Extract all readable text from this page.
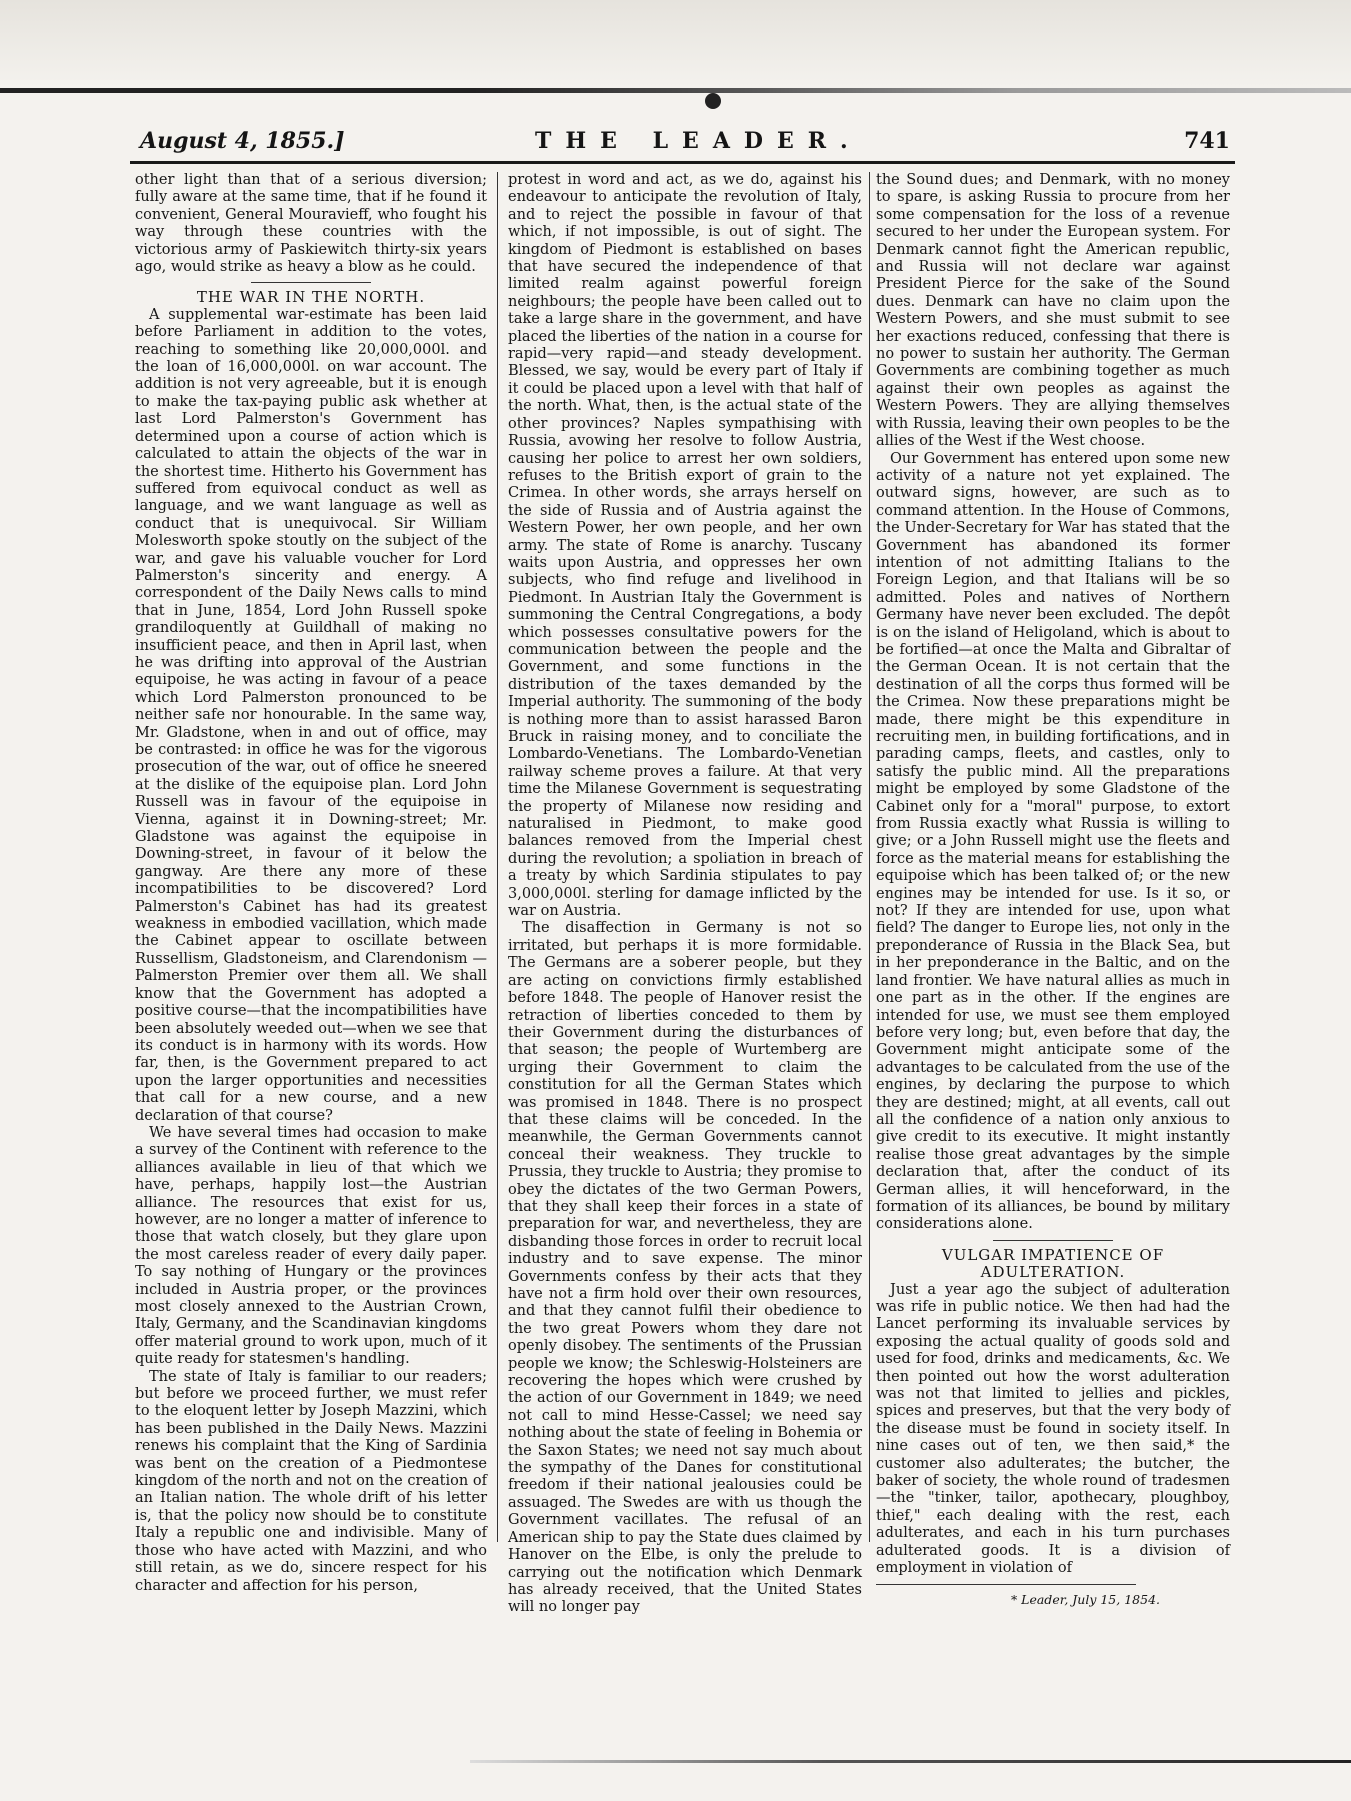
August 4, 1855.]	THE LEADER.	741

other light than that of a serious diversion; fully aware at the same time, that if he found it convenient, General Mouravieff, who fought his way through these countries with the victorious army of Paskiewitch thirty-six years ago, would strike as heavy a blow as he could.

THE WAR IN THE NORTH.

A supplemental war-estimate has been laid before Parliament in addition to the votes, reaching to something like 20,000,000l. and the loan of 16,000,000l. on war account. The addition is not very agreeable, but it is enough to make the tax-paying public ask whether at last Lord Palmerston's Government has determined upon a course of action which is calculated to attain the objects of the war in the shortest time. Hitherto his Government has suffered from equivocal conduct as well as language, and we want language as well as conduct that is unequivocal. Sir William Molesworth spoke stoutly on the subject of the war, and gave his valuable voucher for Lord Palmerston's sincerity and energy. A correspondent of the Daily News calls to mind that in June, 1854, Lord John Russell spoke grandiloquently at Guildhall of making no insufficient peace, and then in April last, when he was drifting into approval of the Austrian equipoise, he was acting in favour of a peace which Lord Palmerston pronounced to be neither safe nor honourable. In the same way, Mr. Gladstone, when in and out of office, may be contrasted: in office he was for the vigorous prosecution of the war, out of office he sneered at the dislike of the equipoise plan. Lord John Russell was in favour of the equipoise in Vienna, against it in Downing-street; Mr. Gladstone was against the equipoise in Downing-street, in favour of it below the gangway. Are there any more of these incompatibilities to be discovered? Lord Palmerston's Cabinet has had its greatest weakness in embodied vacillation, which made the Cabinet appear to oscillate between Russellism, Gladstoneism, and Clarendonism — Palmerston Premier over them all. We shall know that the Government has adopted a positive course—that the incompatibilities have been absolutely weeded out—when we see that its conduct is in harmony with its words. How far, then, is the Government prepared to act upon the larger opportunities and necessities that call for a new course, and a new declaration of that course?

We have several times had occasion to make a survey of the Continent with reference to the alliances available in lieu of that which we have, perhaps, happily lost—the Austrian alliance. The resources that exist for us, however, are no longer a matter of inference to those that watch closely, but they glare upon the most careless reader of every daily paper. To say nothing of Hungary or the provinces included in Austria proper, or the provinces most closely annexed to the Austrian Crown, Italy, Germany, and the Scandinavian kingdoms offer material ground to work upon, much of it quite ready for statesmen's handling.

The state of Italy is familiar to our readers; but before we proceed further, we must refer to the eloquent letter by Joseph Mazzini, which has been published in the Daily News. Mazzini renews his complaint that the King of Sardinia was bent on the creation of a Piedmontese kingdom of the north and not on the creation of an Italian nation. The whole drift of his letter is, that the policy now should be to constitute Italy a republic one and indivisible. Many of those who have acted with Mazzini, and who still retain, as we do, sincere respect for his character and affection for his person,

protest in word and act, as we do, against his endeavour to anticipate the revolution of Italy, and to reject the possible in favour of that which, if not impossible, is out of sight. The kingdom of Piedmont is established on bases that have secured the independence of that limited realm against powerful foreign neighbours; the people have been called out to take a large share in the government, and have placed the liberties of the nation in a course for rapid—very rapid—and steady development. Blessed, we say, would be every part of Italy if it could be placed upon a level with that half of the north. What, then, is the actual state of the other provinces? Naples sympathising with Russia, avowing her resolve to follow Austria, causing her police to arrest her own soldiers, refuses to the British export of grain to the Crimea. In other words, she arrays herself on the side of Russia and of Austria against the Western Power, her own people, and her own army. The state of Rome is anarchy. Tuscany waits upon Austria, and oppresses her own subjects, who find refuge and livelihood in Piedmont. In Austrian Italy the Government is summoning the Central Congregations, a body which possesses consultative powers for the communication between the people and the Government, and some functions in the distribution of the taxes demanded by the Imperial authority. The summoning of the body is nothing more than to assist harassed Baron Bruck in raising money, and to conciliate the Lombardo-Venetians. The Lombardo-Venetian railway scheme proves a failure. At that very time the Milanese Government is sequestrating the property of Milanese now residing and naturalised in Piedmont, to make good balances removed from the Imperial chest during the revolution; a spoliation in breach of a treaty by which Sardinia stipulates to pay 3,000,000l. sterling for damage inflicted by the war on Austria.

The disaffection in Germany is not so irritated, but perhaps it is more formidable. The Germans are a soberer people, but they are acting on convictions firmly established before 1848. The people of Hanover resist the retraction of liberties conceded to them by their Government during the disturbances of that season; the people of Wurtemberg are urging their Government to claim the constitution for all the German States which was promised in 1848. There is no prospect that these claims will be conceded. In the meanwhile, the German Governments cannot conceal their weakness. They truckle to Prussia, they truckle to Austria; they promise to obey the dictates of the two German Powers, that they shall keep their forces in a state of preparation for war, and nevertheless, they are disbanding those forces in order to recruit local industry and to save expense. The minor Governments confess by their acts that they have not a firm hold over their own resources, and that they cannot fulfil their obedience to the two great Powers whom they dare not openly disobey. The sentiments of the Prussian people we know; the Schleswig-Holsteiners are recovering the hopes which were crushed by the action of our Government in 1849; we need not call to mind Hesse-Cassel; we need say nothing about the state of feeling in Bohemia or the Saxon States; we need not say much about the sympathy of the Danes for constitutional freedom if their national jealousies could be assuaged. The Swedes are with us though the Government vacillates. The refusal of an American ship to pay the State dues claimed by Hanover on the Elbe, is only the prelude to carrying out the notification which Denmark has already received, that the United States will no longer pay

the Sound dues; and Denmark, with no money to spare, is asking Russia to procure from her some compensation for the loss of a revenue secured to her under the European system. For Denmark cannot fight the American republic, and Russia will not declare war against President Pierce for the sake of the Sound dues. Denmark can have no claim upon the Western Powers, and she must submit to see her exactions reduced, confessing that there is no power to sustain her authority. The German Governments are combining together as much against their own peoples as against the Western Powers. They are allying themselves with Russia, leaving their own peoples to be the allies of the West if the West choose.

Our Government has entered upon some new activity of a nature not yet explained. The outward signs, however, are such as to command attention. In the House of Commons, the Under-Secretary for War has stated that the Government has abandoned its former intention of not admitting Italians to the Foreign Legion, and that Italians will be so admitted. Poles and natives of Northern Germany have never been excluded. The depôt is on the island of Heligoland, which is about to be fortified—at once the Malta and Gibraltar of the German Ocean. It is not certain that the destination of all the corps thus formed will be the Crimea. Now these preparations might be made, there might be this expenditure in recruiting men, in building fortifications, and in parading camps, fleets, and castles, only to satisfy the public mind. All the preparations might be employed by some Gladstone of the Cabinet only for a "moral" purpose, to extort from Russia exactly what Russia is willing to give; or a John Russell might use the fleets and force as the material means for establishing the equipoise which has been talked of; or the new engines may be intended for use. Is it so, or not? If they are intended for use, upon what field? The danger to Europe lies, not only in the preponderance of Russia in the Black Sea, but in her preponderance in the Baltic, and on the land frontier. We have natural allies as much in one part as in the other. If the engines are intended for use, we must see them employed before very long; but, even before that day, the Government might anticipate some of the advantages to be calculated from the use of the engines, by declaring the purpose to which they are destined; might, at all events, call out all the confidence of a nation only anxious to give credit to its executive. It might instantly realise those great advantages by the simple declaration that, after the conduct of its German allies, it will henceforward, in the formation of its alliances, be bound by military considerations alone.

VULGAR IMPATIENCE OF ADULTERATION.

Just a year ago the subject of adulteration was rife in public notice. We then had had the Lancet performing its invaluable services by exposing the actual quality of goods sold and used for food, drinks and medicaments, &c. We then pointed out how the worst adulteration was not that limited to jellies and pickles, spices and preserves, but that the very body of the disease must be found in society itself. In nine cases out of ten, we then said,* the customer also adulterates; the butcher, the baker of society, the whole round of tradesmen—the "tinker, tailor, apothecary, ploughboy, thief," each dealing with the rest, each adulterates, and each in his turn purchases adulterated goods. It is a division of employment in violation of

* Leader, July 15, 1854.
